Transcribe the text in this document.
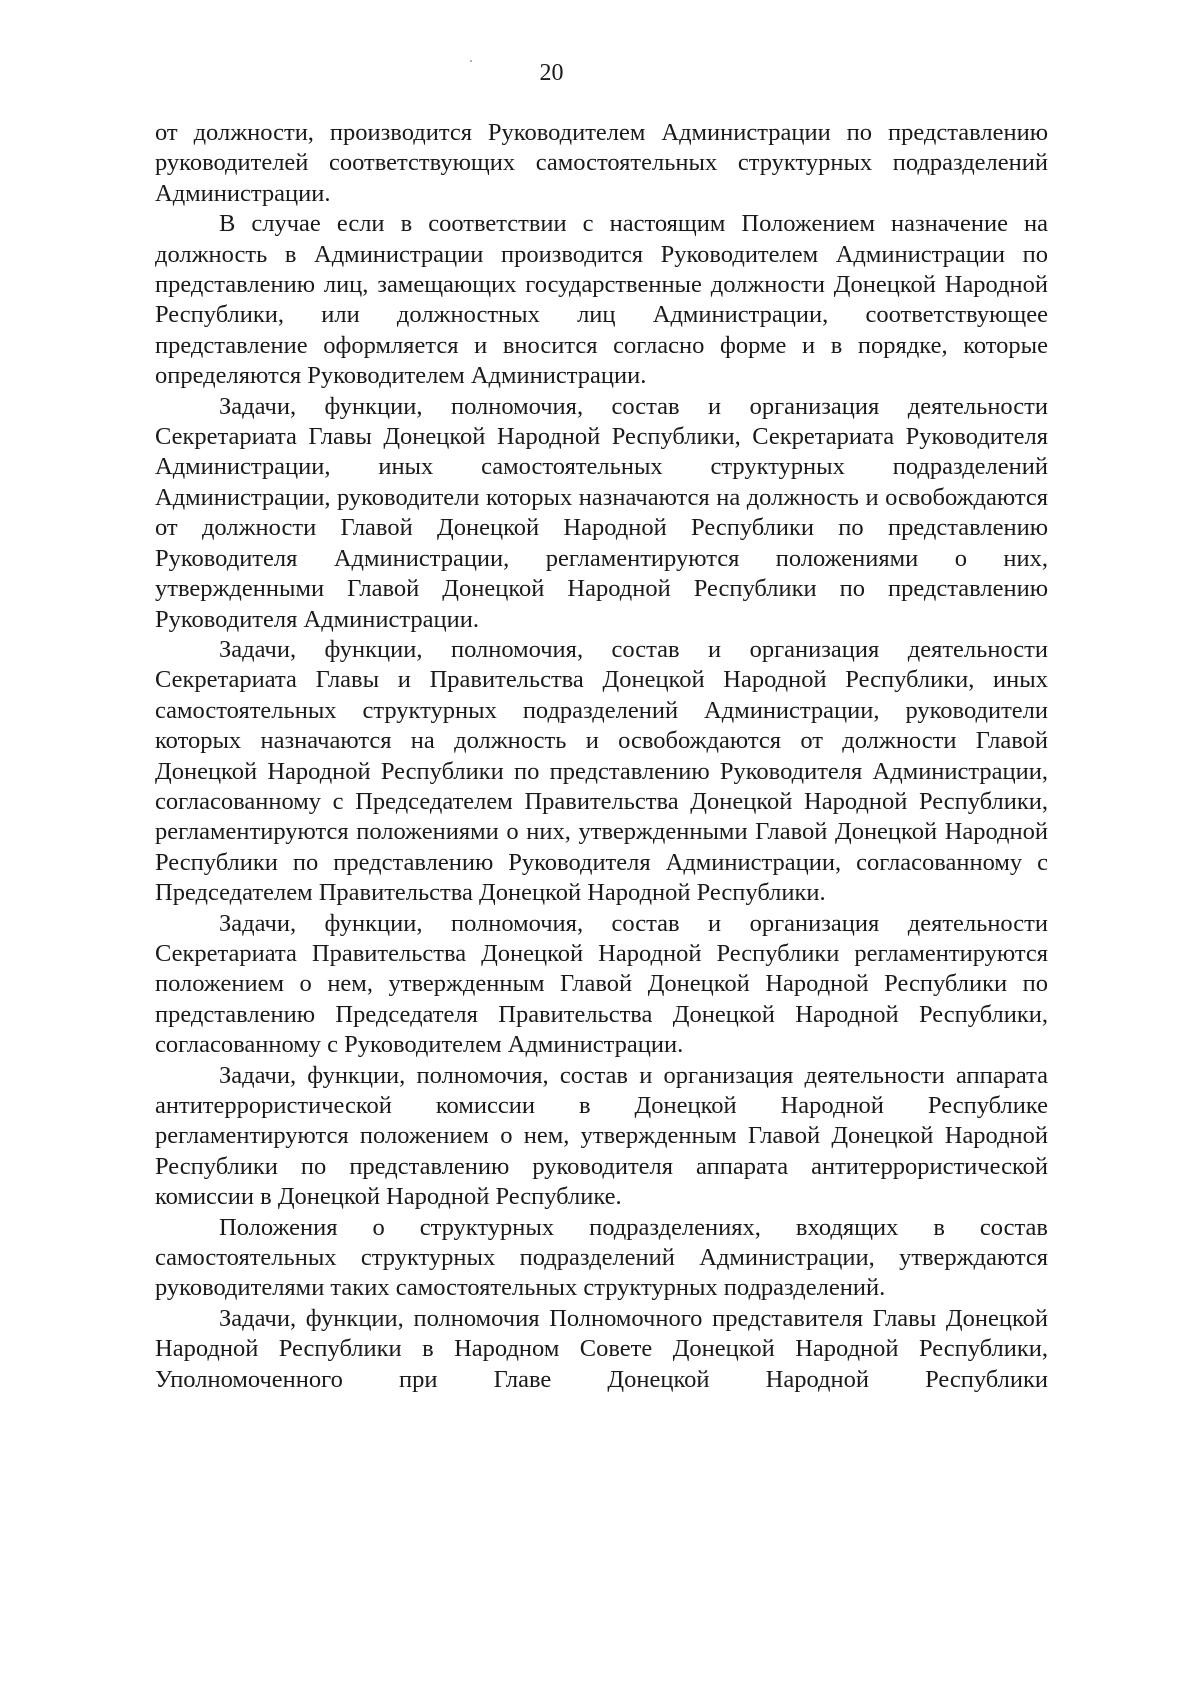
20

от должности, производится Руководителем Администрации по представлению руководителей соответствующих самостоятельных структурных подразделений Администрации.

В случае если в соответствии с настоящим Положением назначение на должность в Администрации производится Руководителем Администрации по представлению лиц, замещающих государственные должности Донецкой Народной Республики, или должностных лиц Администрации, соответствующее представление оформляется и вносится согласно форме и в порядке, которые определяются Руководителем Администрации.

Задачи, функции, полномочия, состав и организация деятельности Секретариата Главы Донецкой Народной Республики, Секретариата Руководителя Администрации, иных самостоятельных структурных подразделений Администрации, руководители которых назначаются на должность и освобождаются от должности Главой Донецкой Народной Республики по представлению Руководителя Администрации, регламентируются положениями о них, утвержденными Главой Донецкой Народной Республики по представлению Руководителя Администрации.

Задачи, функции, полномочия, состав и организация деятельности Секретариата Главы и Правительства Донецкой Народной Республики, иных самостоятельных структурных подразделений Администрации, руководители которых назначаются на должность и освобождаются от должности Главой Донецкой Народной Республики по представлению Руководителя Администрации, согласованному с Председателем Правительства Донецкой Народной Республики, регламентируются положениями о них, утвержденными Главой Донецкой Народной Республики по представлению Руководителя Администрации, согласованному с Председателем Правительства Донецкой Народной Республики.

Задачи, функции, полномочия, состав и организация деятельности Секретариата Правительства Донецкой Народной Республики регламентируются положением о нем, утвержденным Главой Донецкой Народной Республики по представлению Председателя Правительства Донецкой Народной Республики, согласованному с Руководителем Администрации.

Задачи, функции, полномочия, состав и организация деятельности аппарата антитеррористической комиссии в Донецкой Народной Республике регламентируются положением о нем, утвержденным Главой Донецкой Народной Республики по представлению руководителя аппарата антитеррористической комиссии в Донецкой Народной Республике.

Положения о структурных подразделениях, входящих в состав самостоятельных структурных подразделений Администрации, утверждаются руководителями таких самостоятельных структурных подразделений.

Задачи, функции, полномочия Полномочного представителя Главы Донецкой Народной Республики в Народном Совете Донецкой Народной Республики, Уполномоченного при Главе Донецкой Народной Республики
